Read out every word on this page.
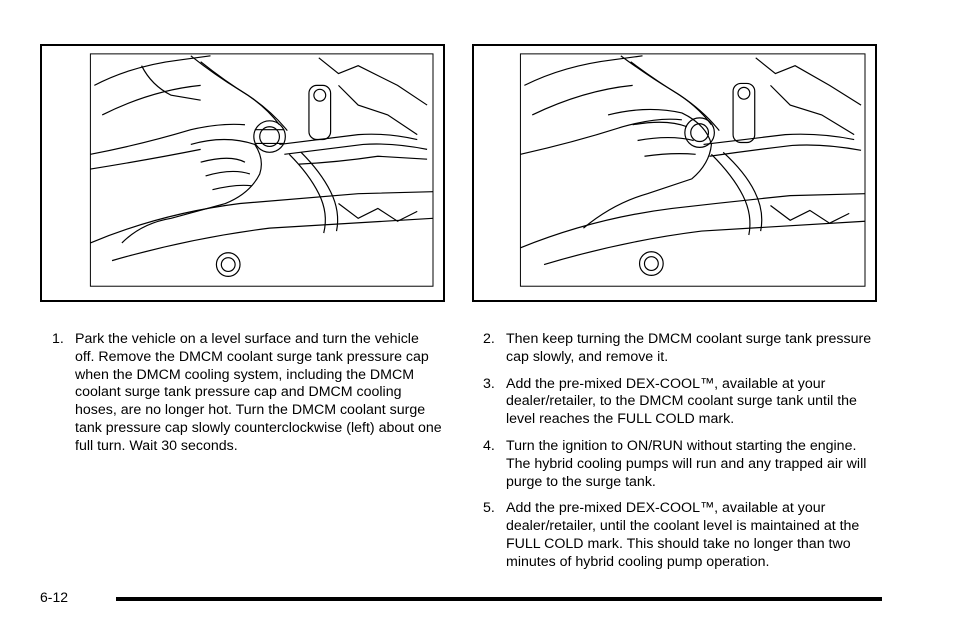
1. Park the vehicle on a level surface and turn the vehicle off. Remove the DMCM coolant surge tank pressure cap when the DMCM cooling system, including the DMCM coolant surge tank pressure cap and DMCM cooling hoses, are no longer hot. Turn the DMCM coolant surge tank pressure cap slowly counterclockwise (left) about one full turn. Wait 30 seconds.
2. Then keep turning the DMCM coolant surge tank pressure cap slowly, and remove it.
3. Add the pre-mixed DEX-COOL™, available at your dealer/retailer, to the DMCM coolant surge tank until the level reaches the FULL COLD mark.
4. Turn the ignition to ON/RUN without starting the engine. The hybrid cooling pumps will run and any trapped air will purge to the surge tank.
5. Add the pre-mixed DEX-COOL™, available at your dealer/retailer, until the coolant level is maintained at the FULL COLD mark. This should take no longer than two minutes of hybrid cooling pump operation.
6-12
